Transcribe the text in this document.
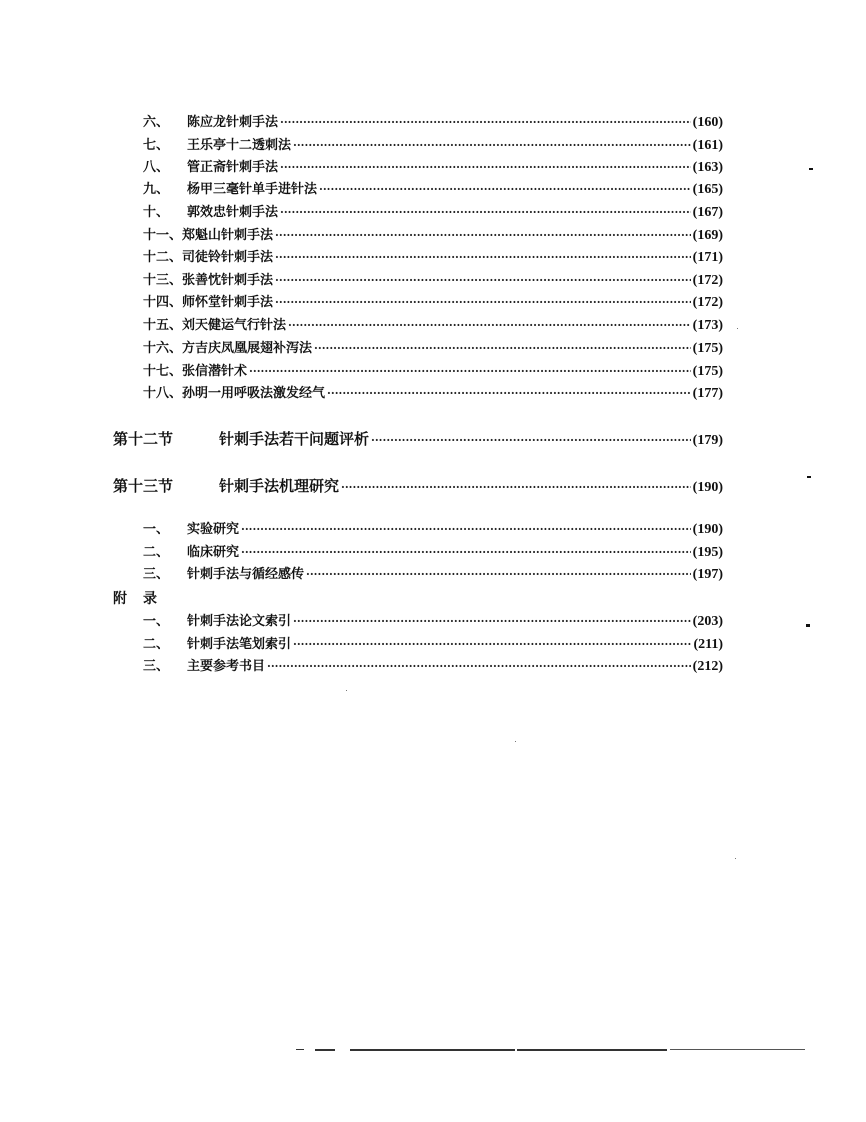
六、	陈应龙针刺手法 ·····	(160)
七、	王乐亭十二透刺法 ·····	(161)
八、	管正斋针刺手法 ·····	(163)
九、	杨甲三毫针单手进针法 ·····	(165)
十、	郭效忠针刺手法 ·····	(167)
十一、 郑魁山针刺手法 ·····	(169)
十二、 司徒铃针刺手法 ·····	(171)
十三、 张善忱针刺手法 ·····	(172)
十四、 师怀堂针刺手法 ·····	(172)
十五、 刘天健运气行针法 ·····	(173)
十六、 方吉庆凤凰展翅补泻法 ·····	(175)
十七、 张信潜针术 ·····	(175)
十八、 孙明一用呼吸法激发经气 ·····	(177)
第十二节	针刺手法若干问题评析 ·····	(179)
第十三节	针刺手法机理研究 ·····	(190)
一、	实验研究 ·····	(190)
二、	临床研究 ·····	(195)
三、	针刺手法与循经感传 ·····	(197)
附录
一、	针刺手法论文索引 ·····	(203)
二、	针刺手法笔划索引 ·····	(211)
三、	主要参考书目 ·····	(212)
